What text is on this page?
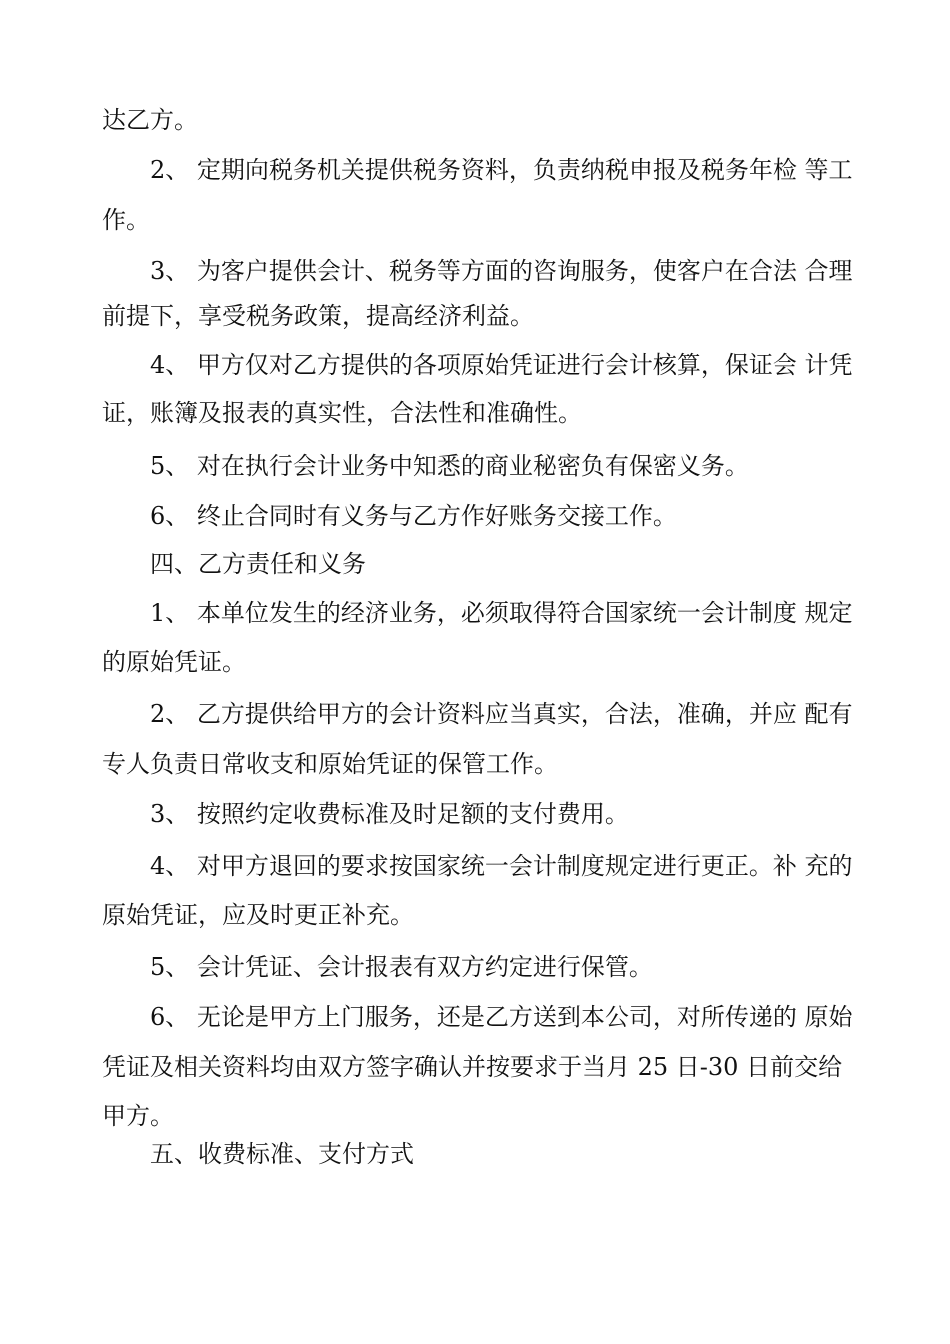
达乙方。
2、 定期向税务机关提供税务资料，负责纳税申报及税务年检 等工
作。
3、 为客户提供会计、税务等方面的咨询服务，使客户在合法 合理
前提下，享受税务政策，提高经济利益。
4、 甲方仅对乙方提供的各项原始凭证进行会计核算，保证会 计凭
证，账簿及报表的真实性，合法性和准确性。
5、 对在执行会计业务中知悉的商业秘密负有保密义务。
6、 终止合同时有义务与乙方作好账务交接工作。
四、乙方责任和义务
1、 本单位发生的经济业务，必须取得符合国家统一会计制度 规定
的原始凭证。
2、 乙方提供给甲方的会计资料应当真实，合法，准确，并应 配有
专人负责日常收支和原始凭证的保管工作。
3、 按照约定收费标准及时足额的支付费用。
4、 对甲方退回的要求按国家统一会计制度规定进行更正。补 充的
原始凭证，应及时更正补充。
5、 会计凭证、会计报表有双方约定进行保管。
6、 无论是甲方上门服务，还是乙方送到本公司，对所传递的 原始
凭证及相关资料均由双方签字确认并按要求于当月 25 日-30 日前交给
甲方。
五、收费标准、支付方式
